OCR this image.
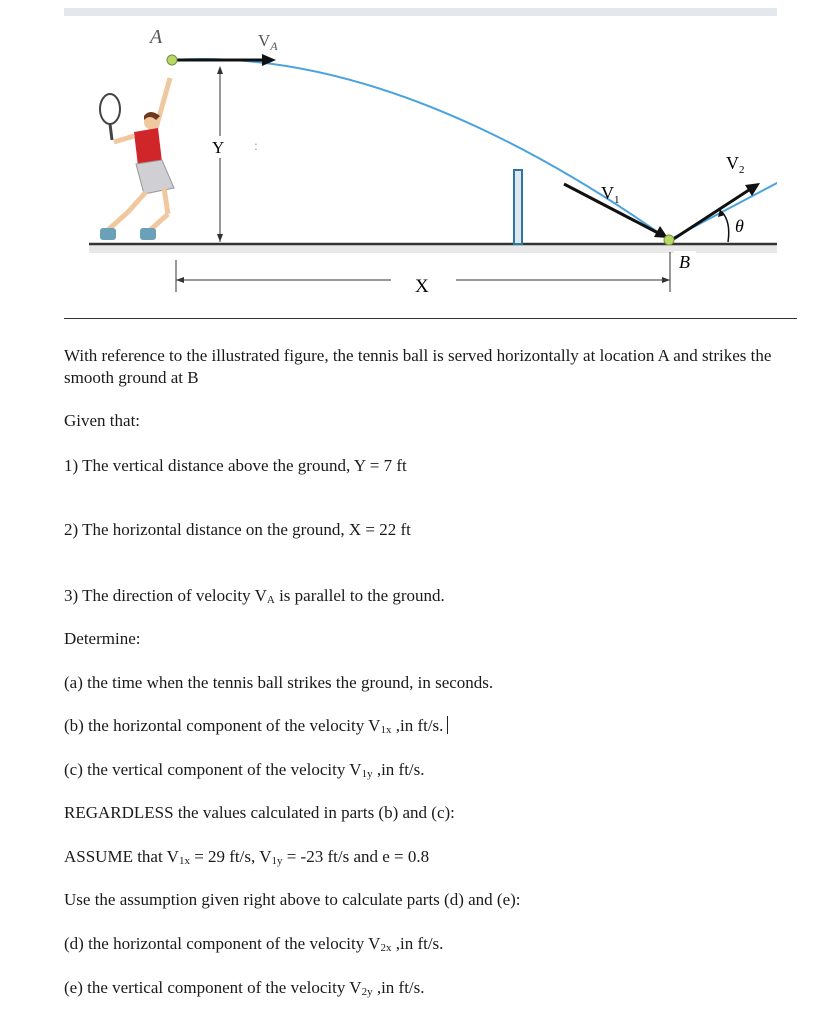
Y :
X
$V_1$
$V_2$
θ
B
A	$V_A$
With reference to the illustrated figure, the tennis ball is served horizontally at location A and strikes the smooth ground at B
Given that:
1) The vertical distance above the ground, Y = 7 ft
2) The horizontal distance on the ground, X = 22 ft
3) The direction of velocity $V_A$ is parallel to the ground.
Determine:
(a) the time when the tennis ball strikes the ground, in seconds.
(b) the horizontal component of the velocity $V_{1x}$ ,in ft/s.
(c) the vertical component of the velocity $V_{1y}$ ,in ft/s.
REGARDLESS the values calculated in parts (b) and (c):
ASSUME that $V_{1x} = 29$ ft/s, $V_{1y} = -23$ ft/s and e = 0.8
Use the assumption given right above to calculate parts (d) and (e):
(d) the horizontal component of the velocity $V_{2x}$ ,in ft/s.
(e) the vertical component of the velocity $V_{2y}$ ,in ft/s.
